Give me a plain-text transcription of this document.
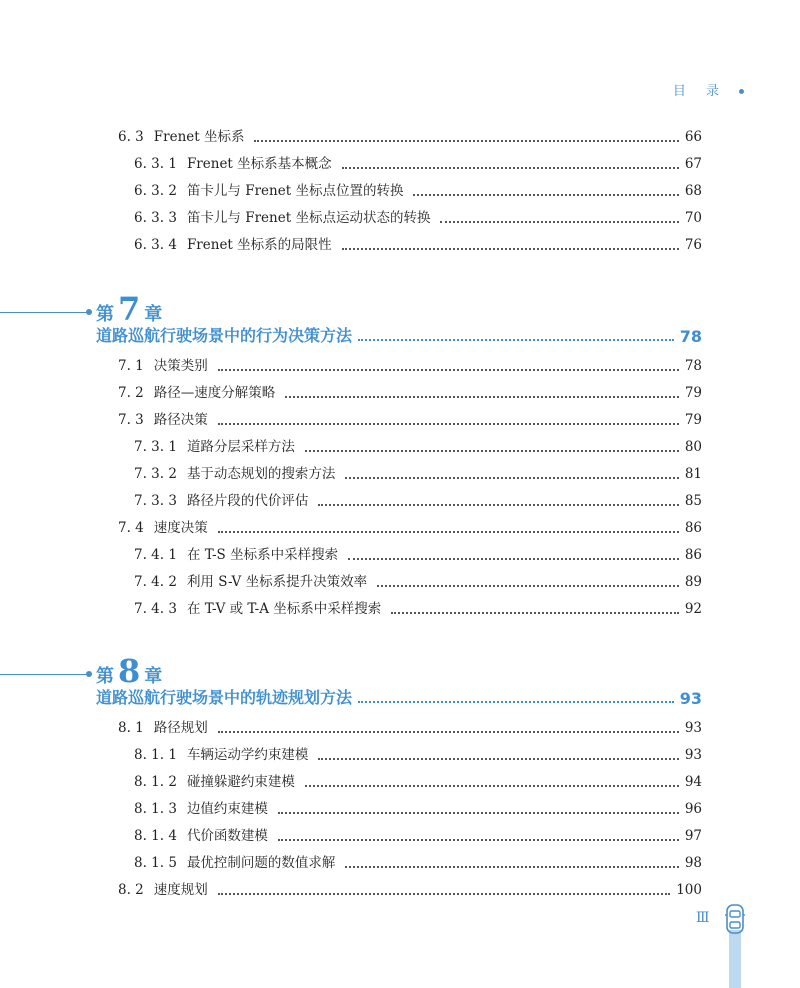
目 录
6. 3 Frenet 坐标系	66
6. 3. 1 Frenet 坐标系基本概念	67
6. 3. 2 笛卡儿与 Frenet 坐标点位置的转换	68
6. 3. 3 笛卡儿与 Frenet 坐标点运动状态的转换	70
6. 3. 4 Frenet 坐标系的局限性	76
第 7 章
道路巡航行驶场景中的行为决策方法	78
7. 1 决策类别	78
7. 2 路径—速度分解策略	79
7. 3 路径决策	79
7. 3. 1 道路分层采样方法	80
7. 3. 2 基于动态规划的搜索方法	81
7. 3. 3 路径片段的代价评估	85
7. 4 速度决策	86
7. 4. 1 在 T-S 坐标系中采样搜索	86
7. 4. 2 利用 S-V 坐标系提升决策效率	89
7. 4. 3 在 T-V 或 T-A 坐标系中采样搜索	92
第 8 章
道路巡航行驶场景中的轨迹规划方法	93
8. 1 路径规划	93
8. 1. 1 车辆运动学约束建模	93
8. 1. 2 碰撞躲避约束建模	94
8. 1. 3 边值约束建模	96
8. 1. 4 代价函数建模	97
8. 1. 5 最优控制问题的数值求解	98
8. 2 速度规划	100
Ⅲ
